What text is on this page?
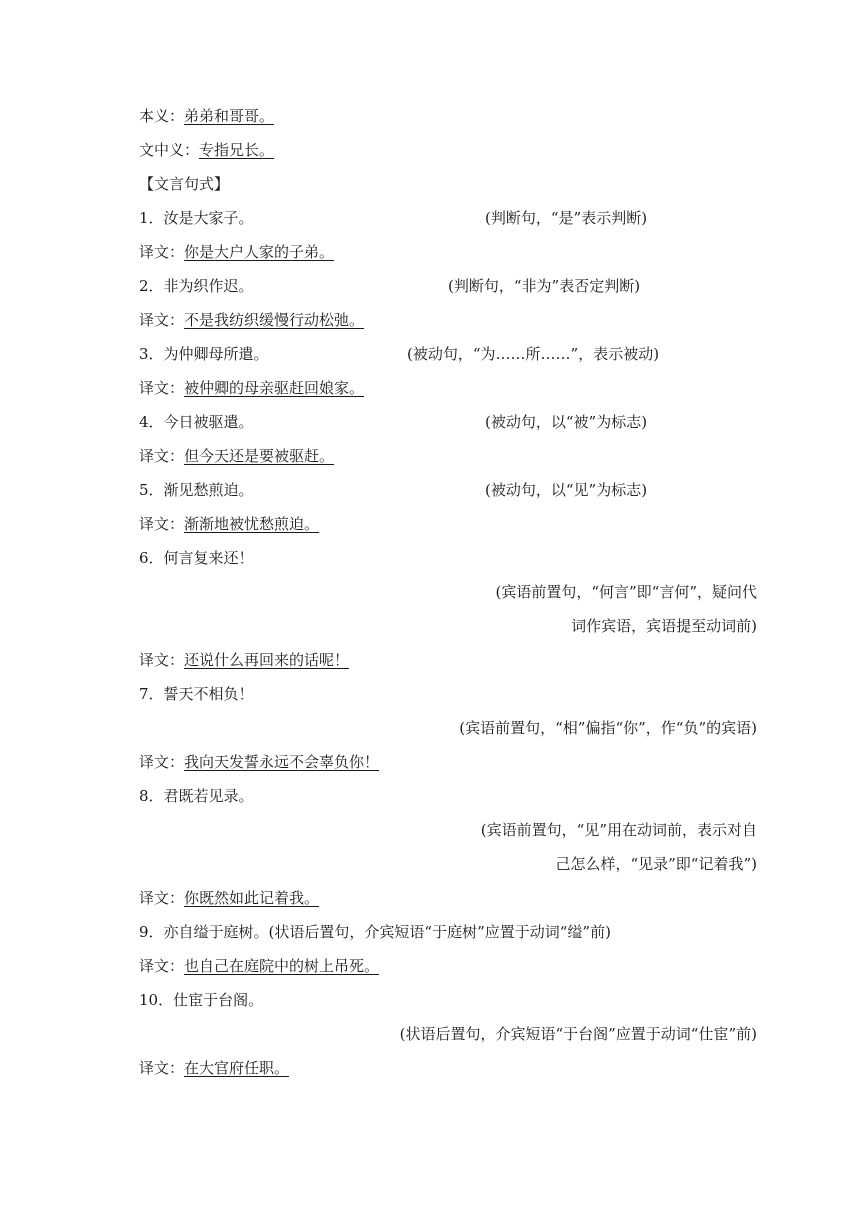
本义：弟弟和哥哥。
文中义：专指兄长。
【文言句式】
1．汝是大家子。	(判断句，“是”表示判断)
译文：你是大户人家的子弟。
2．非为织作迟。	(判断句，“非为”表否定判断)
译文：不是我纺织缓慢行动松弛。
3．为仲卿母所遣。	(被动句，“为……所……”，表示被动)
译文：被仲卿的母亲驱赶回娘家。
4．今日被驱遣。	(被动句，以“被”为标志)
译文：但今天还是要被驱赶。
5．渐见愁煎迫。	(被动句，以“见”为标志)
译文：渐渐地被忧愁煎迫。
6．何言复来还！
(宾语前置句，“何言”即“言何”，疑问代
词作宾语，宾语提至动词前)
译文：还说什么再回来的话呢！
7．誓天不相负！
(宾语前置句，“相”偏指“你”，作“负”的宾语)
译文：我向天发誓永远不会辜负你！
8．君既若见录。
(宾语前置句，“见”用在动词前，表示对自
己怎么样，“见录”即“记着我”)
译文：你既然如此记着我。
9．亦自缢于庭树。(状语后置句，介宾短语“于庭树”应置于动词“缢”前)
译文：也自己在庭院中的树上吊死。
10．仕宦于台阁。
(状语后置句，介宾短语“于台阁”应置于动词“仕宦”前)
译文：在大官府任职。
